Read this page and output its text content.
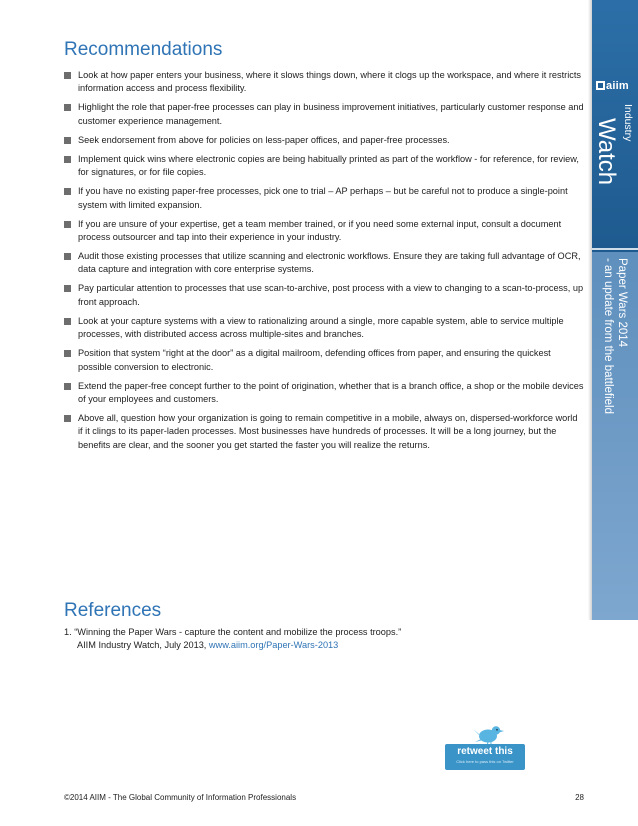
Recommendations
Look at how paper enters your business, where it slows things down, where it clogs up the workspace, and where it restricts information access and process flexibility.
Highlight the role that paper-free processes can play in business improvement initiatives, particularly customer response and customer experience management.
Seek endorsement from above for policies on less-paper offices, and paper-free processes.
Implement quick wins where electronic copies are being habitually printed as part of the workflow - for reference, for review, for signatures, or for file copies.
If you have no existing paper-free processes, pick one to trial – AP perhaps – but be careful not to produce a single-point system with limited expansion.
If you are unsure of your expertise, get a team member trained, or if you need some external input, consult a document process outsourcer and tap into their experience in your industry.
Audit those existing processes that utilize scanning and electronic workflows. Ensure they are taking full advantage of OCR, data capture and integration with core enterprise systems.
Pay particular attention to processes that use scan-to-archive, post process with a view to changing to a scan-to-process, up front approach.
Look at your capture systems with a view to rationalizing around a single, more capable system, able to service multiple processes, with distributed access across multiple-sites and branches.
Position that system “right at the door” as a digital mailroom, defending offices from paper, and ensuring the quickest possible conversion to electronic.
Extend the paper-free concept further to the point of origination, whether that is a branch office, a shop or the mobile devices of your employees and customers.
Above all, question how your organization is going to remain competitive in a mobile, always on, dispersed-workforce world if it clings to its paper-laden processes. Most businesses have hundreds of processes. It will be a long journey, but the benefits are clear, and the sooner you get started the faster you will realize the returns.
References
1. “Winning the Paper Wars - capture the content and mobilize the process troops.”
AIIM Industry Watch, July 2013, www.aiim.org/Paper-Wars-2013
aiim
Industry
Watch
Paper Wars 2014
- an update from the battlefield
retweet this
Click here to pass this on Twitter
©2014 AIIM - The Global Community of Information Professionals	28
